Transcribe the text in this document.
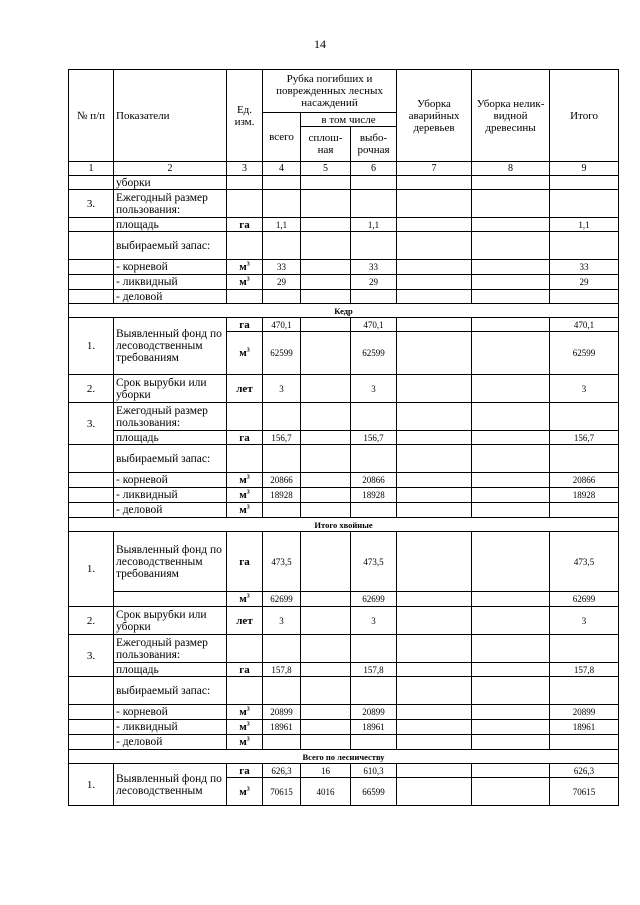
14
№ п/п	Показатели	Ед. изм.	Рубка погибших и поврежденных лесных насаждений			Уборка аварийных деревьев	Уборка нелик-видной древесины	Итого
			всего	в том числе				
				сплош-ная	выбо-рочная			
1	2	3	4	5	6	7	8	9
	уборки							
3.	Ежегодный размер пользования:							
	площадь	га	1,1		1,1			1,1
	выбираемый запас:							
	- корневой	$м^3$	33		33			33
	- ликвидный	$м^3$	29		29			29
	- деловой							
Кедр								
1.	Выявленный фонд по лесоводственным требованиям	га	470,1		470,1			470,1
		$м^3$	62599		62599			62599
2.	Срок вырубки или уборки	лет	3		3			3
3.	Ежегодный размер пользования:							
	площадь	га	156,7		156,7			156,7
	выбираемый запас:							
	- корневой	$м^3$	20866		20866			20866
	- ликвидный	$м^3$	18928		18928			18928
	- деловой	$м^3$						
Итого хвойные								
1.	Выявленный фонд по лесоводственным требованиям	га	473,5		473,5			473,5
		$м^3$	62699		62699			62699
2.	Срок вырубки или уборки	лет	3		3			3
3.	Ежегодный размер пользования:							
	площадь	га	157,8		157,8			157,8
	выбираемый запас:							
	- корневой	$м^3$	20899		20899			20899
	- ликвидный	$м^3$	18961		18961			18961
	- деловой	$м^3$						
Всего по лесничеству								
1.	Выявленный фонд по лесоводственным	га	626,3	16	610,3			626,3
		$м^3$	70615	4016	66599			70615
